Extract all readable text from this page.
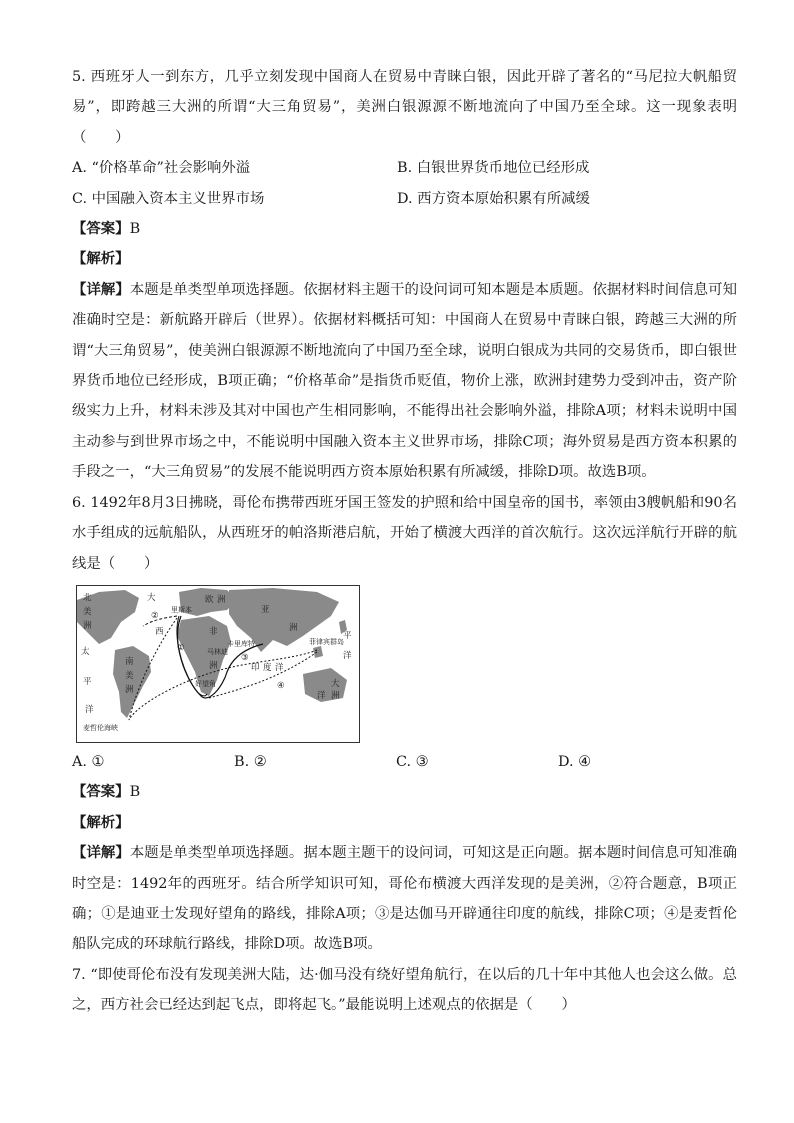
5. 西班牙人一到东方，几乎立刻发现中国商人在贸易中青睐白银，因此开辟了著名的“马尼拉大帆船贸易”，即跨越三大洲的所谓“大三角贸易”，美洲白银源源不断地流向了中国乃至全球。这一现象表明（　　）

A. “价格革命”社会影响外溢	B. 白银世界货币地位已经形成
C. 中国融入资本主义世界市场	D. 西方资本原始积累有所减缓

【答案】B

【解析】

【详解】本题是单类型单项选择题。依据材料主题干的设问词可知本题是本质题。依据材料时间信息可知准确时空是：新航路开辟后（世界）。依据材料概括可知：中国商人在贸易中青睐白银，跨越三大洲的所谓“大三角贸易”，使美洲白银源源不断地流向了中国乃至全球，说明白银成为共同的交易货币，即白银世界货币地位已经形成，B项正确；“价格革命”是指货币贬值，物价上涨，欧洲封建势力受到冲击，资产阶级实力上升，材料未涉及其对中国也产生相同影响，不能得出社会影响外溢，排除A项；材料未说明中国主动参与到世界市场之中，不能说明中国融入资本主义世界市场，排除C项；海外贸易是西方资本积累的手段之一，“大三角贸易”的发展不能说明西方资本原始积累有所减缓，排除D项。故选B项。

6. 1492年8月3日拂晓，哥伦布携带西班牙国王签发的护照和给中国皇帝的国书，率领由3艘帆船和90名水手组成的远航船队，从西班牙的帕洛斯港启航，开始了横渡大西洋的首次航行。这次远洋航行开辟的航线是（　　）

北
美
洲
太
平
洋
大
西
欧 洲
亚
洲
非
洲
南
美
洲
印 度 洋
大
洋 洲
平
洋
里斯本
卡里库特
马林迪
好望角
菲律宾群岛
麦哲伦海峡
①
②
③
④
A. ①	B. ②	C. ③	D. ④

【答案】B

【解析】

【详解】本题是单类型单项选择题。据本题主题干的设问词，可知这是正向题。据本题时间信息可知准确时空是：1492年的西班牙。结合所学知识可知，哥伦布横渡大西洋发现的是美洲，②符合题意，B项正确；①是迪亚士发现好望角的路线，排除A项；③是达伽马开辟通往印度的航线，排除C项；④是麦哲伦船队完成的环球航行路线，排除D项。故选B项。

7. “即使哥伦布没有发现美洲大陆，达·伽马没有绕好望角航行，在以后的几十年中其他人也会这么做。总之，西方社会已经达到起飞点，即将起飞。”最能说明上述观点的依据是（　　）
